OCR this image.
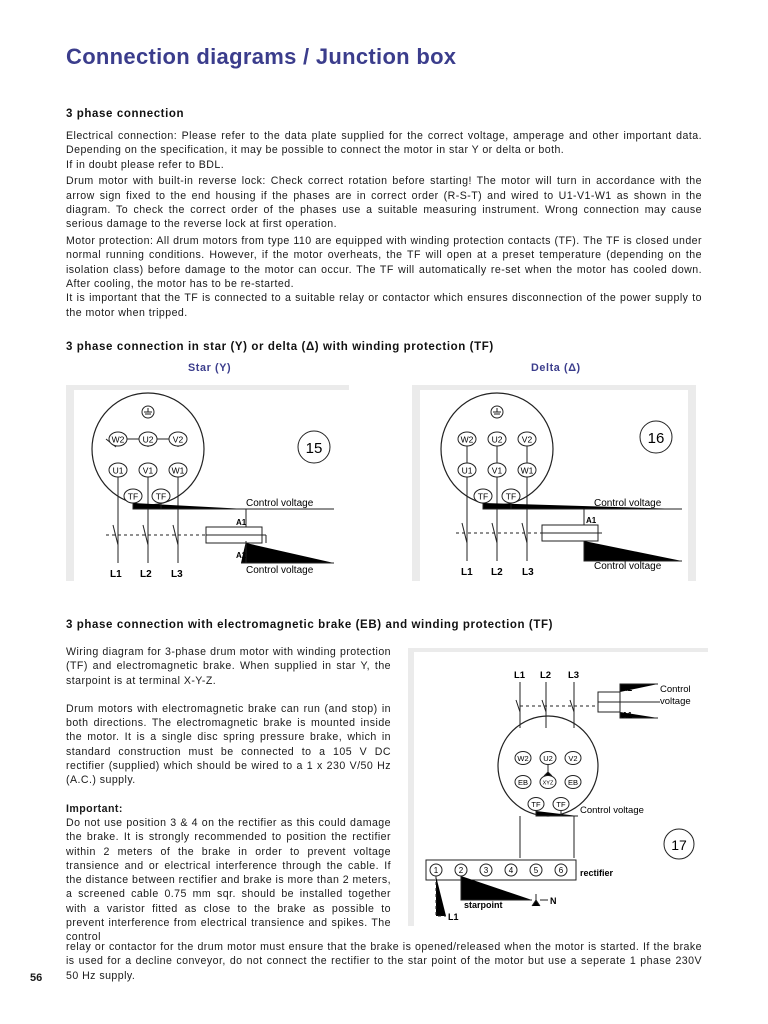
Connection diagrams / Junction box
3 phase connection

Electrical connection: Please refer to the data plate supplied for the correct voltage, amperage and other important data. Depending on the specification, it may be possible to connect the motor in star Y or delta or both.
If in doubt please refer to BDL.

Drum motor with built-in reverse lock: Check correct rotation before starting! The motor will turn in accordance with the arrow sign fixed to the end housing if the phases are in correct order (R-S-T) and wired to U1-V1-W1 as shown in the diagram. To check the correct order of the phases use a suitable measuring instrument. Wrong connection may cause serious damage to the reverse lock at first operation.

Motor protection: All drum motors from type 110 are equipped with winding protection contacts (TF). The TF is closed under normal running conditions. However, if the motor overheats, the TF will open at a preset temperature (depending on the isolation class) before damage to the motor can occur. The TF will automatically re-set when the motor has cooled down. After cooling, the motor has to be re-started.

It is important that the TF is connected to a suitable relay or contactor which ensures disconnection of the power supply to the motor when tripped.

3 phase connection in star (Y) or delta (Δ) with winding protection (TF)
Star (Y)	Delta (Δ)
W2 U2 V2
U1 V1 W1
TF TF
15
A1
A2
Control voltage
Control voltage
L1 L2 L3
W2 U2 V2
U1 V1 W1
TF TF
16
A1
A2
Control voltage
Control voltage
L1 L2 L3
3 phase connection with electromagnetic brake (EB) and winding protection (TF)

Wiring diagram for 3-phase drum motor with winding protection (TF) and electromagnetic brake. When supplied in star Y, the starpoint is at terminal X-Y-Z.

Drum motors with electromagnetic brake can run (and stop) in both directions. The electromagnetic brake is mounted inside the motor. It is a single disc spring pressure brake, which in standard construction must be connected to a 105 V DC rectifier (supplied) which should be wired to a 1 x 230 V/50 Hz (A.C.) supply.

Important:

Do not use position 3 & 4 on the rectifier as this could damage the brake. It is strongly recommended to position the rectifier within 2 meters of the brake in order to prevent voltage transience and or electrical interference through the cable. If the distance between rectifier and brake is more than 2 meters, a screened cable 0.75 mm sqr. should be installed together with a varistor fitted as close to the brake as possible to prevent interference from electrical transience and spikes. The control

relay or contactor for the drum motor must ensure that the brake is opened/released when the motor is started. If the brake is used for a decline conveyor, do not connect the rectifier to the star point of the motor but use a seperate 1 phase 230V 50 Hz supply.
L1 L2 L3
A2
A1
Control
voltage
W2 U2 V2
EB	XYZ EB
TF TF
Control voltage
17
1	2	3	4	5	6 rectifier
starpoint	N
L1
56
